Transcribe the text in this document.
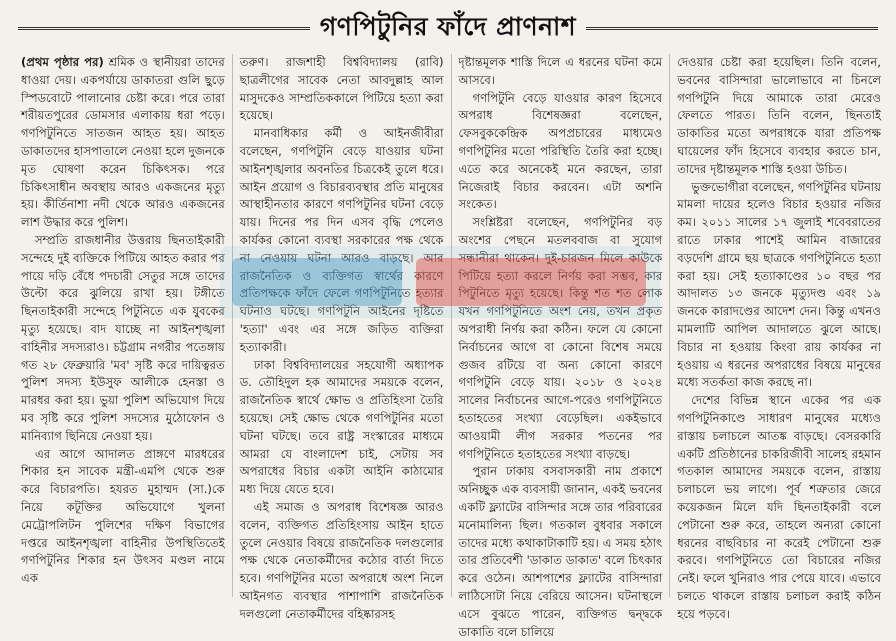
গণপিটুনির ফাঁদে প্রাণনাশ

(প্রথম পৃষ্ঠার পর) শ্রমিক ও স্থানীয়রা তাদের ধাওয়া দেয়। একপর্যায়ে ডাকাতরা গুলি ছুড়ে স্পিডবোটে পালানোর চেষ্টা করে। পরে তারা শরীয়তপুরের ডোমসার এলাকায় ধরা পড়ে। গণপিটুনিতে সাতজন আহত হয়। আহত ডাকাতদের হাসপাতালে নেওয়া হলে দুজনকে মৃত ঘোষণা করেন চিকিৎসক। পরে চিকিৎসাধীন অবস্থায় আরও একজনের মৃত্যু হয়। কীর্তিনাশা নদী থেকে আরও একজনের লাশ উদ্ধার করে পুলিশ।

সম্প্রতি রাজধানীর উত্তরায় ছিনতাইকারী সন্দেহে দুই ব্যক্তিকে পিটিয়ে আহত করার পর পায়ে দড়ি বেঁধে পদচারী সেতুর সঙ্গে তাদের উল্টো করে ঝুলিয়ে রাখা হয়। টঙ্গীতে ছিনতাইকারী সন্দেহে পিটুনিতে এক যুবকের মৃত্যু হয়েছে। বাদ যাচ্ছে না আইনশৃঙ্খলা বাহিনীর সদস্যরাও। চট্টগ্রাম নগরীর পতেঙ্গায় গত ২৮ ফেব্রুয়ারি 'মব' সৃষ্টি করে দায়িত্বরত পুলিশ সদস্য ইউসুফ আলীকে হেনস্তা ও মারধর করা হয়। ভুয়া পুলিশ অভিযোগ দিয়ে মব সৃষ্টি করে পুলিশ সদস্যের মুঠোফোন ও মানিব্যাগ ছিনিয়ে নেওয়া হয়।

এর আগে আদালত প্রাঙ্গণে মারধরের শিকার হন সাবেক মন্ত্রী-এমপি থেকে শুরু করে বিচারপতি। হযরত মুহাম্মদ (সা.)কে নিয়ে কটূক্তির অভিযোগে খুলনা মেট্রোপলিটন পুলিশের দক্ষিণ বিভাগের দপ্তরে আইনশৃঙ্খলা বাহিনীর উপস্থিতিতেই গণপিটুনির শিকার হন উৎসব মণ্ডল নামে এক

তরুণ। রাজশাহী বিশ্ববিদ্যালয় (রাবি) ছাত্রলীগের সাবেক নেতা আবদুল্লাহ আল মাসুদকেও সাম্প্রতিককালে পিটিয়ে হত্যা করা হয়েছে।

মানবাধিকার কর্মী ও আইনজীবীরা বলেছেন, গণপিটুনি বেড়ে যাওয়ার ঘটনা আইনশৃঙ্খলার অবনতির চিত্রকেই তুলে ধরে। আইন প্রয়োগ ও বিচারব্যবস্থার প্রতি মানুষের আস্থাহীনতার কারণে গণপিটুনির ঘটনা বেড়ে যায়। দিনের পর দিন এসব বৃদ্ধি পেলেও কার্যকর কোনো ব্যবস্থা সরকারের পক্ষ থেকে না নেওয়ায় ঘটনা আরও বাড়ছে। আর রাজনৈতিক ও ব্যক্তিগত স্বার্থের কারণে প্রতিপক্ষকে ফাঁদে ফেলে গণপিটুনিতে হত্যার ঘটনাও ঘটছে। গণপিটুনি আইনের দৃষ্টিতে 'হত্যা' এবং এর সঙ্গে জড়িত ব্যক্তিরা হত্যাকারী।

ঢাকা বিশ্ববিদ্যালয়ের সহযোগী অধ্যাপক ড. তৌহিদুল হক আমাদের সময়কে বলেন, রাজনৈতিক স্বার্থে ক্ষোভ ও প্রতিহিংসা তৈরি হয়েছে। সেই ক্ষোভ থেকে গণপিটুনির মতো ঘটনা ঘটছে। তবে রাষ্ট্র সংস্কারের মাধ্যমে আমরা যে বাংলাদেশ চাই, সেটায় সব অপরাধের বিচার একটা আইনি কাঠামোর মধ্য দিয়ে যেতে হবে।

এই সমাজ ও অপরাধ বিশেষজ্ঞ আরও বলেন, ব্যক্তিগত প্রতিহিংসায় আইন হাতে তুলে নেওয়ার বিষয়ে রাজনৈতিক দলগুলোর পক্ষ থেকে নেতাকর্মীদের কঠোর বার্তা দিতে হবে। গণপিটুনির মতো অপরাধে অংশ নিলে আইনগত ব্যবস্থার পাশাপাশি রাজনৈতিক দলগুলো নেতাকর্মীদের বহিষ্কারসহ

দৃষ্টান্তমূলক শাস্তি দিলে এ ধরনের ঘটনা কমে আসবে।

গণপিটুনি বেড়ে যাওয়ার কারণ হিসেবে অপরাধ বিশেষজ্ঞরা বলেছেন, ফেসবুককেন্দ্রিক অপপ্রচারের মাধ্যমেও গণপিটুনির মতো পরিস্থিতি তৈরি করা হচ্ছে। এতে করে অনেকেই মনে করছেন, তারা নিজেরাই বিচার করবেন। এটা অশনি সংকেত।

সংশ্লিষ্টরা বলেছেন, গণপিটুনির বড় অংশের পেছনে মতলববাজ বা সুযোগ সন্ধানীরা থাকেন। দুই-চারজন মিলে কাউকে পিটিয়ে হত্যা করলে নির্ণয় করা সম্ভব, কার পিটুনিতে মৃত্যু হয়েছে। কিন্তু শত শত লোক যখন গণপিটুনিতে অংশ নেয়, তখন প্রকৃত অপরাধী নির্ণয় করা কঠিন। ফলে যে কোনো নির্বাচনের আগে বা কোনো বিশেষ সময়ে গুজব রটিয়ে বা অন্য কোনো কারণে গণপিটুনি বেড়ে যায়। ২০১৮ ও ২০২৪ সালের নির্বাচনের আগে-পরেও গণপিটুনিতে হতাহতের সংখ্যা বেড়েছিল। একইভাবে আওয়ামী লীগ সরকার পতনের পর গণপিটুনিতে হতাহতের সংখ্যা বাড়ছে।

পুরান ঢাকায় বসবাসকারী নাম প্রকাশে অনিচ্ছুক এক ব্যবসায়ী জানান, একই ভবনের একটি ফ্ল্যাটের বাসিন্দার সঙ্গে তার পরিবারের মনোমালিন্য ছিল। গতকাল বুধবার সকালে তাদের মধ্যে কথাকাটাকাটি হয়। এ সময় হঠাৎ তার প্রতিবেশী 'ডাকাত ডাকাত' বলে চিৎকার করে ওঠেন। আশপাশের ফ্ল্যাটের বাসিন্দারা লাঠিসোটা নিয়ে বেরিয়ে আসেন। ঘটনাস্থলে এসে বুঝতে পারেন, ব্যক্তিগত দ্বন্দ্বকে ডাকাতি বলে চালিয়ে

দেওয়ার চেষ্টা করা হয়েছিল। তিনি বলেন, ভবনের বাসিন্দারা ভালোভাবে না চিনলে গণপিটুনি দিয়ে আমাকে তারা মেরেও ফেলতে পারত। তিনি বলেন, ছিনতাই ডাকাতির মতো অপরাধকে যারা প্রতিপক্ষ ঘায়েলের ফাঁদ হিসেবে ব্যবহার করতে চান, তাদের দৃষ্টান্তমূলক শাস্তি হওয়া উচিত।

ভুক্তভোগীরা বলেছেন, গণপিটুনির ঘটনায় মামলা দায়ের হলেও বিচার হওয়ার নজির কম। ২০১১ সালের ১৭ জুলাই শবেবরাতের রাতে ঢাকার পাশেই আমিন বাজারের বড়দেশি গ্রামে ছয় ছাত্রকে গণপিটুনিতে হত্যা করা হয়। সেই হত্যাকাণ্ডের ১০ বছর পর আদালত ১৩ জনকে মৃত্যুদণ্ড এবং ১৯ জনকে কারাদণ্ডের আদেশ দেন। কিন্তু এখনও মামলাটি আপিল আদালতে ঝুলে আছে। বিচার না হওয়ায় কিংবা রায় কার্যকর না হওয়ায় এ ধরনের অপরাধের বিষয়ে মানুষের মধ্যে সতর্কতা কাজ করছে না।

দেশের বিভিন্ন স্থানে একের পর এক গণপিটুনিকাণ্ডে সাধারণ মানুষের মধ্যেও রাস্তায় চলাচলে আতঙ্ক বাড়ছে। বেসরকারি একটি প্রতিষ্ঠানের চাকরিজীবী সালেহ রহমান গতকাল আমাদের সময়কে বলেন, রাস্তায় চলাচলে ভয় লাগে। পূর্ব শত্রুতার জেরে কয়েকজন মিলে যদি ছিনতাইকারী বলে পেটানো শুরু করে, তাহলে অন্যরা কোনো ধরনের বাছবিচার না করেই পেটানো শুরু করবে। গণপিটুনিতে তো বিচারের নজির নেই। ফলে খুনিরাও পার পেয়ে যাবে। এভাবে চলতে থাকলে রাস্তায় চলাচল করাই কঠিন হয়ে পড়বে।
